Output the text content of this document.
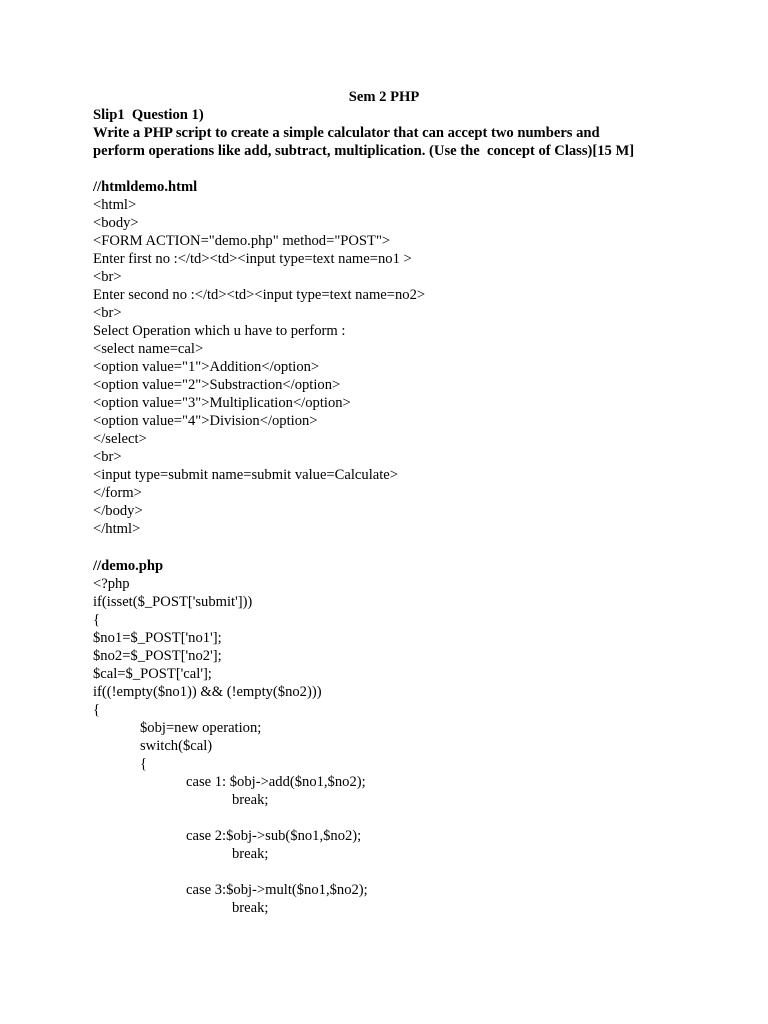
Sem 2 PHP
Slip1  Question 1)
Write a PHP script to create a simple calculator that can accept two numbers and
perform operations like add, subtract, multiplication. (Use the  concept of Class)[15 M]
//htmldemo.html
<html>
<body>
<FORM ACTION="demo.php" method="POST">
Enter first no :</td><td><input type=text name=no1 >
<br>
Enter second no :</td><td><input type=text name=no2>
<br>
Select Operation which u have to perform :
<select name=cal>
<option value="1">Addition</option>
<option value="2">Substraction</option>
<option value="3">Multiplication</option>
<option value="4">Division</option>
</select>
<br>
<input type=submit name=submit value=Calculate>
</form>
</body>
</html>
//demo.php
<?php
if(isset($_POST['submit']))
{
$no1=$_POST['no1'];
$no2=$_POST['no2'];
$cal=$_POST['cal'];
if((!empty($no1)) && (!empty($no2)))
{
$obj=new operation;
switch($cal)
{
case 1: $obj->add($no1,$no2);
break;
case 2:$obj->sub($no1,$no2);
break;
case 3:$obj->mult($no1,$no2);
break;
